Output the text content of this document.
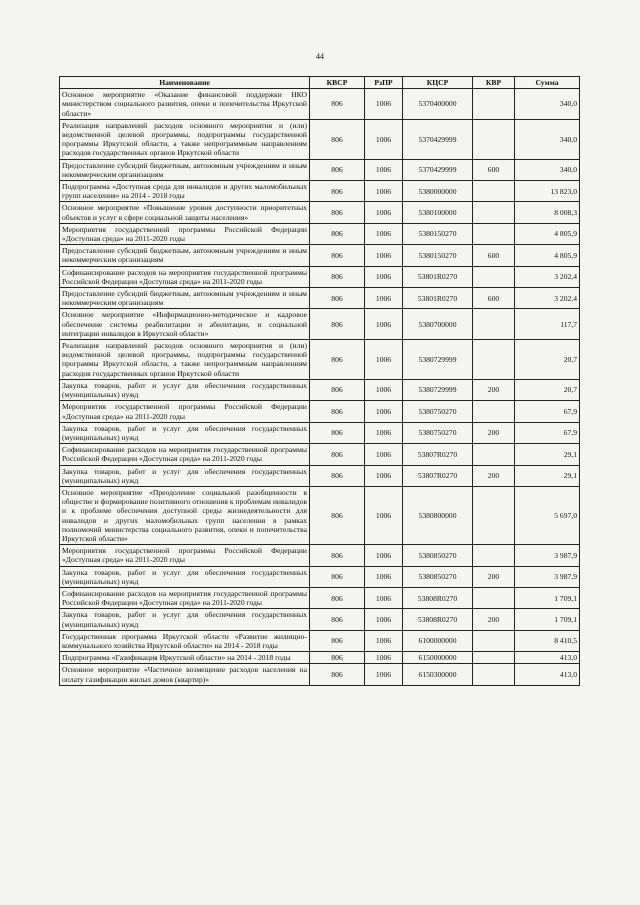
44
Наименование	КВСР	РзПР	КЦСР	КВР	Сумма
Основное мероприятие «Оказание финансовой поддержки НКО министерством социального развития, опеки и попечительства Иркутской области»	806	1006	5370400000		340,0
Реализация направлений расходов основного мероприятия и (или) ведомственной целевой программы, подпрограммы государственной программы Иркутской области, а также непрограммным направлениям расходов государственных органов Иркутской области	806	1006	5370429999		340,0
Предоставление субсидий бюджетным, автономным учреждениям и иным некоммерческим организациям	806	1006	5370429999	600	340,0
Подпрограмма «Доступная среда для инвалидов и других маломобильных групп населения» на 2014 - 2018 годы	806	1006	5380000000		13 823,0
Основное мероприятие «Повышение уровня доступности приоритетных объектов и услуг в сфере социальной защиты населения»	806	1006	5380100000		8 008,3
Мероприятия государственной программы Российской Федерации «Доступная среда» на 2011-2020 годы	806	1006	5380150270		4 805,9
Предоставление субсидий бюджетным, автономным учреждениям и иным некоммерческим организациям	806	1006	5380150270	600	4 805,9
Софинансирование расходов на мероприятия государственной программы Российской Федерации «Доступная среда» на 2011-2020 годы	806	1006	53801R0270		3 202,4
Предоставление субсидий бюджетным, автономным учреждениям и иным некоммерческим организациям	806	1006	53801R0270	600	3 202,4
Основное мероприятие «Информационно-методическое и кадровое обеспечение системы реабилитации и абилитации, и социальной интеграции инвалидов в Иркутской области»	806	1006	5380700000		117,7
Реализация направлений расходов основного мероприятия и (или) ведомственной целевой программы, подпрограммы государственной программы Иркутской области, а также непрограммным направлениям расходов государственных органов Иркутской области	806	1006	5380729999		20,7
Закупка товаров, работ и услуг для обеспечения государственных (муниципальных) нужд	806	1006	5380729999	200	20,7
Мероприятия государственной программы Российской Федерации «Доступная среда» на 2011-2020 годы	806	1006	5380750270		67,9
Закупка товаров, работ и услуг для обеспечения государственных (муниципальных) нужд	806	1006	5380750270	200	67,9
Софинансирование расходов на мероприятия государственной программы Российской Федерации «Доступная среда» на 2011-2020 годы	806	1006	53807R0270		29,1
Закупка товаров, работ и услуг для обеспечения государственных (муниципальных) нужд	806	1006	53807R0270	200	29,1
Основное мероприятие «Преодоление социальной разобщенности в обществе и формирование позитивного отношения к проблемам инвалидов и к проблеме обеспечения доступной среды жизнедеятельности для инвалидов и других маломобильных групп населения в рамках полномочий министерства социального развития, опеки и попечительства Иркутской области»	806	1006	5380800000		5 697,0
Мероприятия государственной программы Российской Федерации «Доступная среда» на 2011-2020 годы	806	1006	5380850270		3 987,9
Закупка товаров, работ и услуг для обеспечения государственных (муниципальных) нужд	806	1006	5380850270	200	3 987,9
Софинансирование расходов на мероприятия государственной программы Российской Федерации «Доступная среда» на 2011-2020 годы	806	1006	53808R0270		1 709,1
Закупка товаров, работ и услуг для обеспечения государственных (муниципальных) нужд	806	1006	53808R0270	200	1 709,1
Государственная программа Иркутской области «Развитие жилищно-коммунального хозяйства Иркутской области» на 2014 - 2018 годы	806	1006	6100000000		8 410,5
Подпрограмма «Газификация Иркутской области» на 2014 - 2018 годы	806	1006	6150000000		413,0
Основное мероприятие «Частичное возмещение расходов населения на оплату газификации жилых домов (квартир)»	806	1006	6150300000		413,0
